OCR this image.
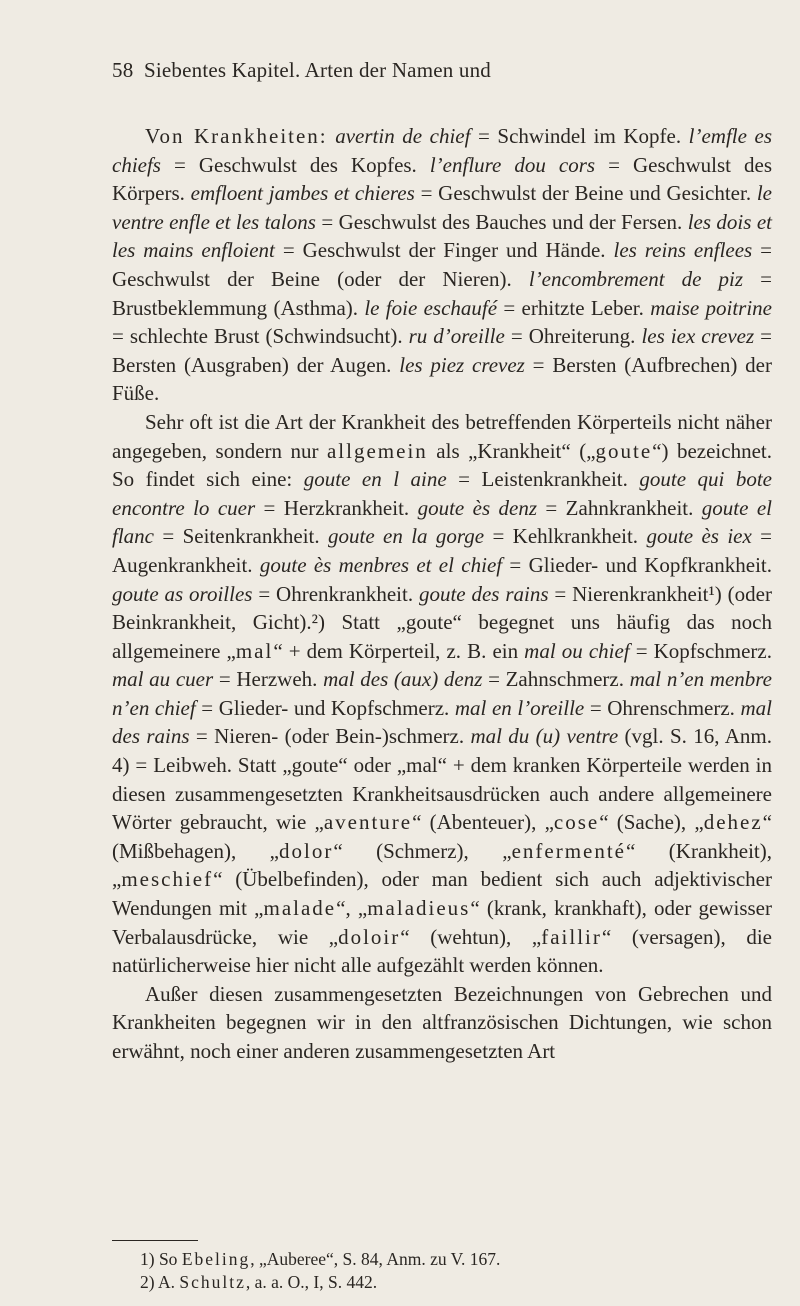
58 Siebentes Kapitel. Arten der Namen und

Von Krankheiten: avertin de chief = Schwindel im Kopfe. l’emfle es chiefs = Geschwulst des Kopfes. l’enflure dou cors = Geschwulst des Körpers. emfloent jambes et chieres = Geschwulst der Beine und Gesichter. le ventre enfle et les talons = Geschwulst des Bauches und der Fersen. les dois et les mains enfloient = Geschwulst der Finger und Hände. les reins enflees = Geschwulst der Beine (oder der Nieren). l’encombrement de piz = Brustbeklemmung (Asthma). le foie eschaufé = erhitzte Leber. maise poitrine = schlechte Brust (Schwindsucht). ru d’oreille = Ohreiterung. les iex crevez = Bersten (Ausgraben) der Augen. les piez crevez = Bersten (Aufbrechen) der Füße.

Sehr oft ist die Art der Krankheit des betreffenden Körperteils nicht näher angegeben, sondern nur allgemein als „Krankheit“ („goute“) bezeichnet. So findet sich eine: goute en l aine = Leistenkrankheit. goute qui bote encontre lo cuer = Herzkrankheit. goute ès denz = Zahnkrankheit. goute el flanc = Seitenkrankheit. goute en la gorge = Kehlkrankheit. goute ès iex = Augenkrankheit. goute ès menbres et el chief = Glieder- und Kopfkrankheit. goute as oroilles = Ohrenkrankheit. goute des rains = Nierenkrankheit¹) (oder Beinkrankheit, Gicht).²) Statt „goute“ begegnet uns häufig das noch allgemeinere „mal“ + dem Körperteil, z. B. ein mal ou chief = Kopfschmerz. mal au cuer = Herzweh. mal des (aux) denz = Zahnschmerz. mal n’en menbre n’en chief = Glieder- und Kopfschmerz. mal en l’oreille = Ohrenschmerz. mal des rains = Nieren- (oder Bein-)schmerz. mal du (u) ventre (vgl. S. 16, Anm. 4) = Leibweh. Statt „goute“ oder „mal“ + dem kranken Körperteile werden in diesen zusammengesetzten Krankheitsausdrücken auch andere allgemeinere Wörter gebraucht, wie „aventure“ (Abenteuer), „cose“ (Sache), „dehez“ (Mißbehagen), „dolor“ (Schmerz), „enfermenté“ (Krankheit), „meschief“ (Übelbefinden), oder man bedient sich auch adjektivischer Wendungen mit „malade“, „maladieus“ (krank, krankhaft), oder gewisser Verbalausdrücke, wie „doloir“ (wehtun), „faillir“ (versagen), die natürlicherweise hier nicht alle aufgezählt werden können.

Außer diesen zusammengesetzten Bezeichnungen von Gebrechen und Krankheiten begegnen wir in den altfranzösischen Dichtungen, wie schon erwähnt, noch einer anderen zusammengesetzten Art

1) So Ebeling, „Auberee“, S. 84, Anm. zu V. 167.
2) A. Schultz, a. a. O., I, S. 442.
